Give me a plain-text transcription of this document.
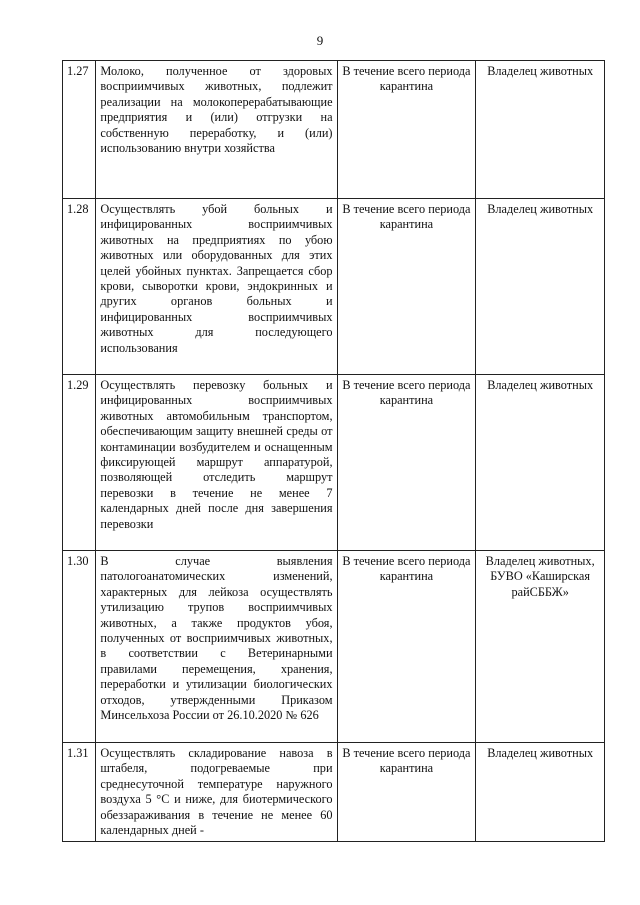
9
1.27	Молоко, полученное от здоровых восприимчивых животных, подлежит реализации на молокоперерабатывающие предприятия и (или) отгрузки на собственную переработку, и (или) использованию внутри хозяйства	В течение всего периода карантина	Владелец животных
1.28	Осуществлять убой больных и инфицированных восприимчивых животных на предприятиях по убою животных или оборудованных для этих целей убойных пунктах. Запрещается сбор крови, сыворотки крови, эндокринных и других органов больных и инфицированных восприимчивых животных для последующего использования	В течение всего периода карантина	Владелец животных
1.29	Осуществлять перевозку больных и инфицированных восприимчивых животных автомобильным транспортом, обеспечивающим защиту внешней среды от контаминации возбудителем и оснащенным фиксирующей маршрут аппаратурой, позволяющей отследить маршрут перевозки в течение не менее 7 календарных дней после дня завершения перевозки	В течение всего периода карантина	Владелец животных
1.30	В случае выявления патологоанатомических изменений, характерных для лейкоза осуществлять утилизацию трупов восприимчивых животных, а также продуктов убоя, полученных от восприимчивых животных, в соответствии с Ветеринарными правилами перемещения, хранения, переработки и утилизации биологических отходов, утвержденными Приказом Минсельхоза России от 26.10.2020 № 626	В течение всего периода карантина	Владелец животных, БУВО «Каширская райСББЖ»
1.31	Осуществлять складирование навоза в штабеля, подогреваемые при среднесуточной температуре наружного воздуха 5 °С и ниже, для биотермического обеззараживания в течение не менее 60 календарных дней -	В течение всего периода карантина	Владелец животных
